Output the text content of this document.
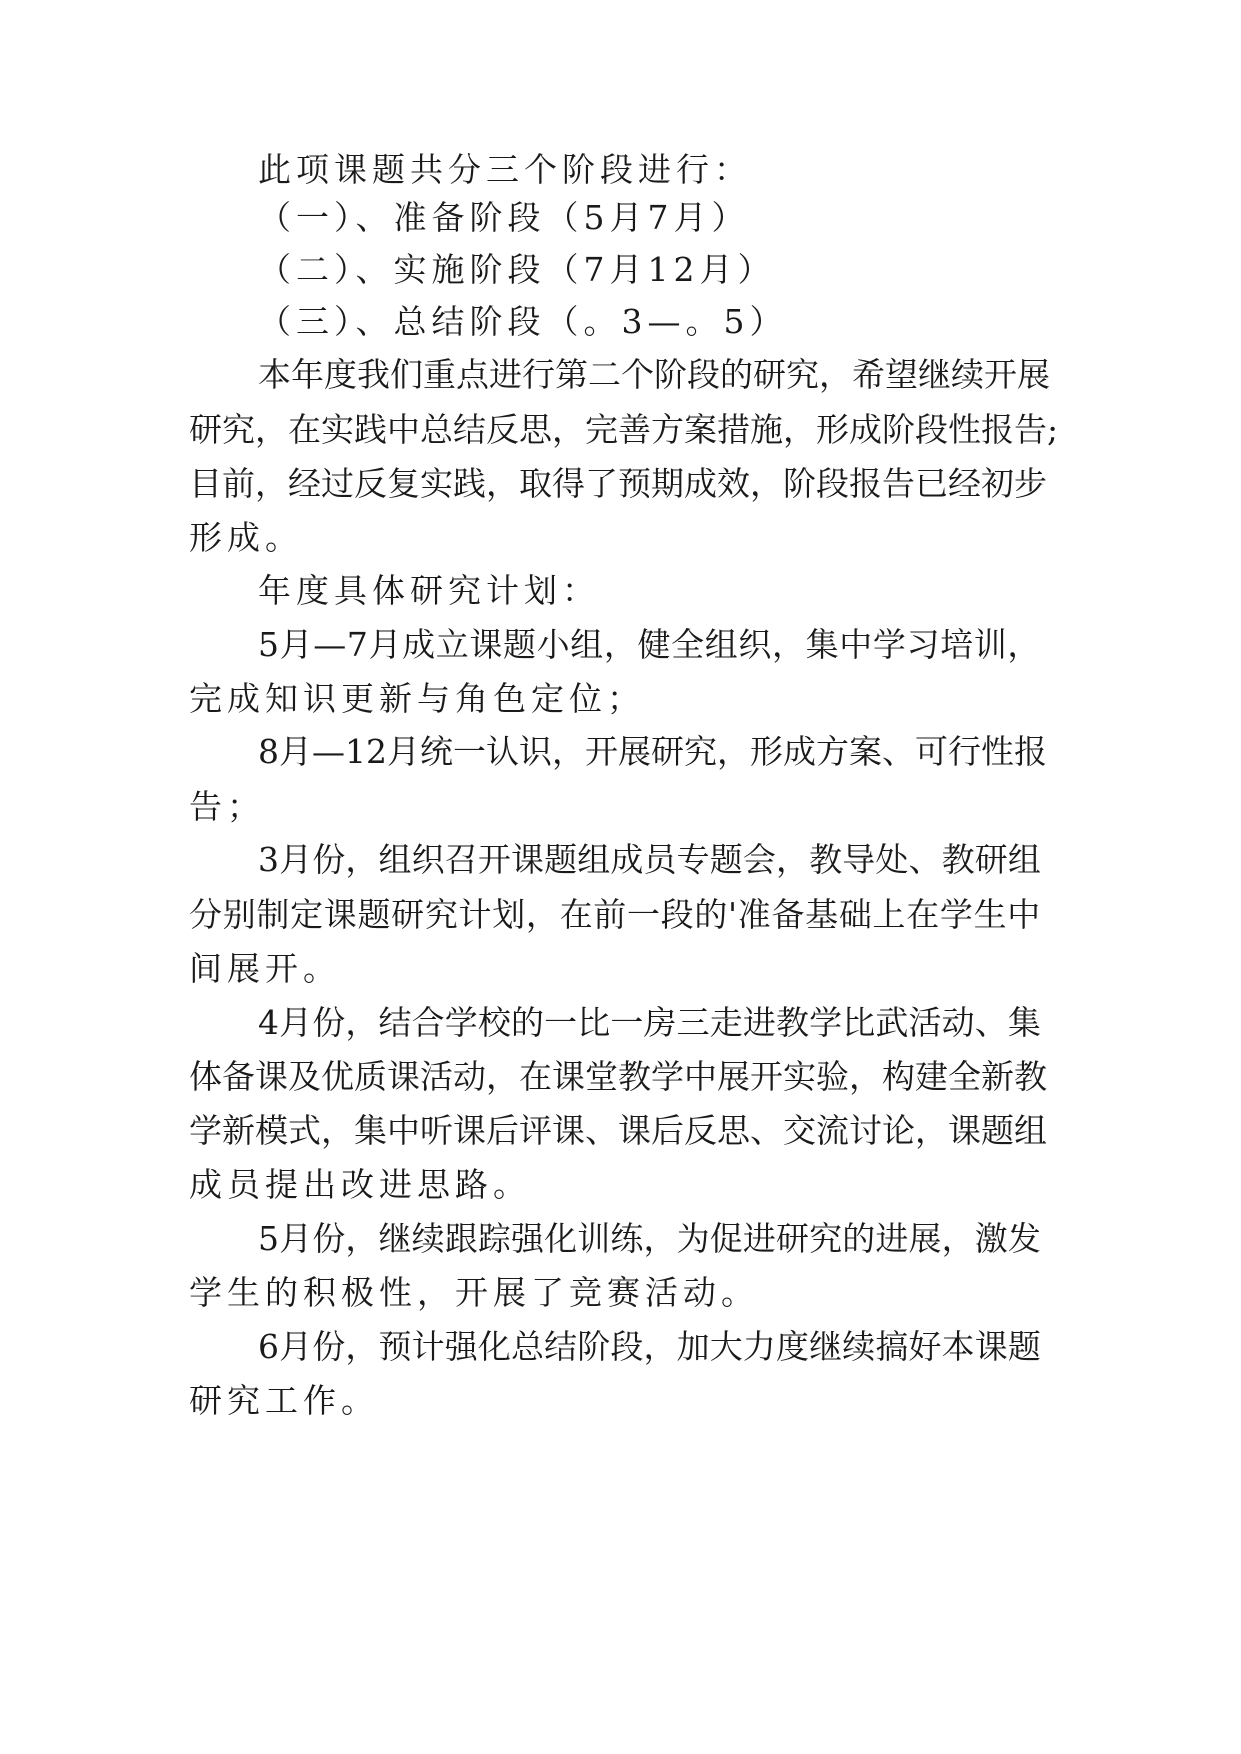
此项课题共分三个阶段进行：
（一）、准备阶段（5月7月）
（二）、实施阶段（7月12月）
（三）、总结阶段（。3—。5）
本年度我们重点进行第二个阶段的研究，希望继续开展
研究，在实践中总结反思，完善方案措施，形成阶段性报告;
目前，经过反复实践，取得了预期成效，阶段报告已经初步
形成。
年度具体研究计划：
5月—7月成立课题小组，健全组织，集中学习培训，
完成知识更新与角色定位；
8月—12月统一认识，开展研究，形成方案、可行性报
告；
3月份，组织召开课题组成员专题会，教导处、教研组
分别制定课题研究计划，在前一段的'准备基础上在学生中
间展开。
4月份，结合学校的一比一房三走进教学比武活动、集
体备课及优质课活动，在课堂教学中展开实验，构建全新教
学新模式，集中听课后评课、课后反思、交流讨论，课题组
成员提出改进思路。
5月份，继续跟踪强化训练，为促进研究的进展，激发
学生的积极性，开展了竞赛活动。
6月份，预计强化总结阶段，加大力度继续搞好本课题
研究工作。
